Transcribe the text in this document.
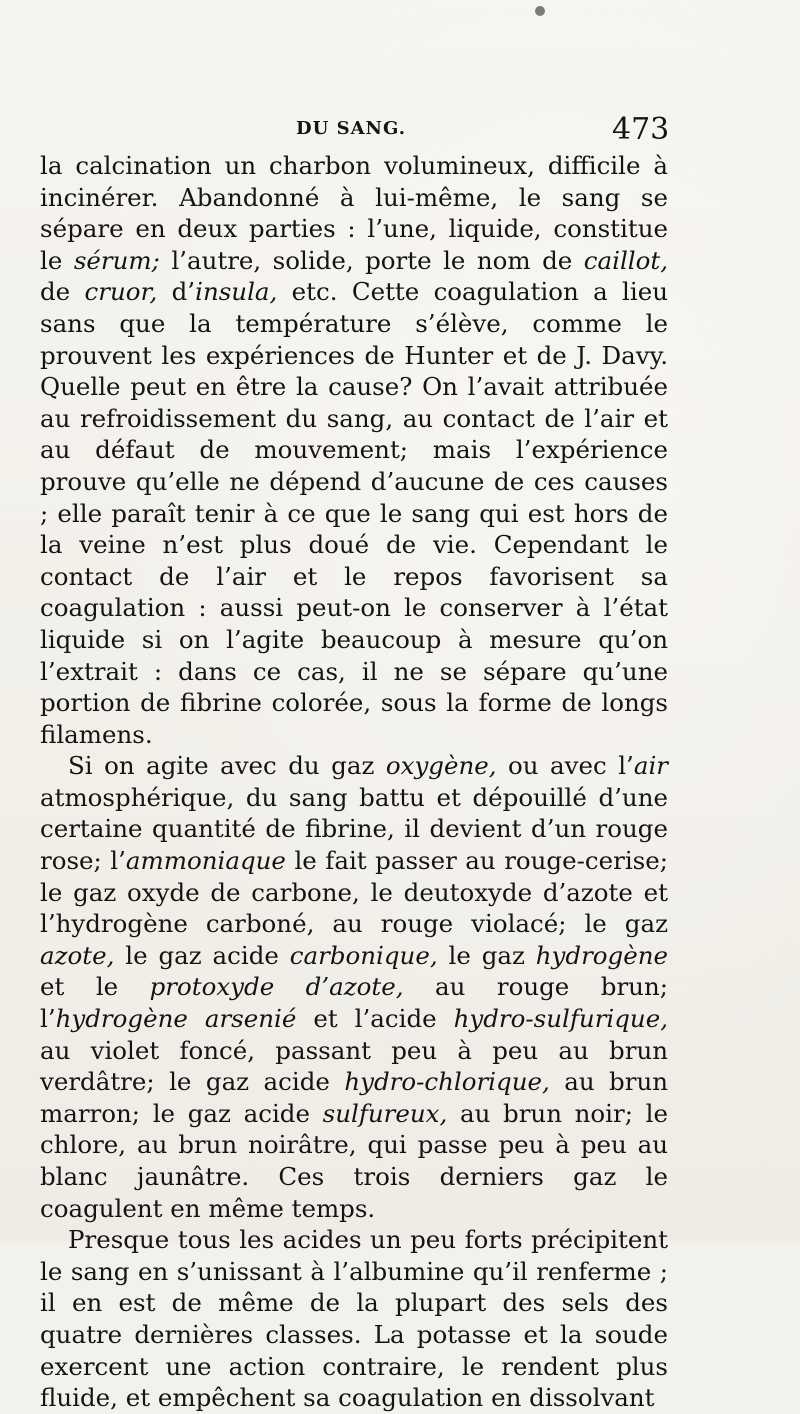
DU SANG.	473

la calcination un charbon volumineux, difficile à incinérer. Abandonné à lui-même, le sang se sépare en deux parties : l’une, liquide, constitue le sérum; l’autre, solide, porte le nom de caillot, de cruor, d’insula, etc. Cette coagulation a lieu sans que la température s’élève, comme le prouvent les expériences de Hunter et de J. Davy. Quelle peut en être la cause? On l’avait attribuée au refroidissement du sang, au contact de l’air et au défaut de mouvement; mais l’expérience prouve qu’elle ne dépend d’aucune de ces causes ; elle paraît tenir à ce que le sang qui est hors de la veine n’est plus doué de vie. Cependant le contact de l’air et le repos favorisent sa coagulation : aussi peut-on le conserver à l’état liquide si on l’agite beaucoup à mesure qu’on l’extrait : dans ce cas, il ne se sépare qu’une portion de fibrine colorée, sous la forme de longs filamens.

Si on agite avec du gaz oxygène, ou avec l’air atmosphérique, du sang battu et dépouillé d’une certaine quantité de fibrine, il devient d’un rouge rose; l’ammoniaque le fait passer au rouge-cerise; le gaz oxyde de carbone, le deutoxyde d’azote et l’hydrogène carboné, au rouge violacé; le gaz azote, le gaz acide carbonique, le gaz hydrogène et le protoxyde d’azote, au rouge brun; l’hydrogène arsenié et l’acide hydro-sulfurique, au violet foncé, passant peu à peu au brun verdâtre; le gaz acide hydro-chlorique, au brun marron; le gaz acide sulfureux, au brun noir; le chlore, au brun noirâtre, qui passe peu à peu au blanc jaunâtre. Ces trois derniers gaz le coagulent en même temps.

Presque tous les acides un peu forts précipitent le sang en s’unissant à l’albumine qu’il renferme ; il en est de même de la plupart des sels des quatre dernières classes. La potasse et la soude exercent une action contraire, le rendent plus fluide, et empêchent sa coagulation en dissolvant
